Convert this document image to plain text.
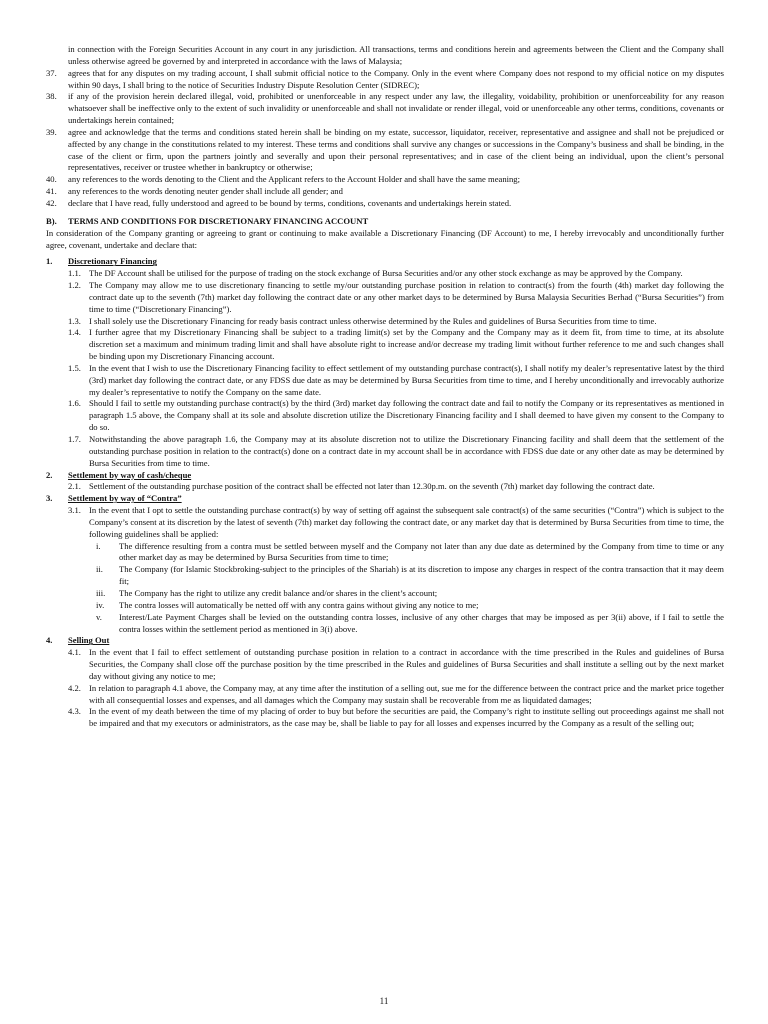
in connection with the Foreign Securities Account in any court in any jurisdiction. All transactions, terms and conditions herein and agreements between the Client and the Company shall unless otherwise agreed be governed by and interpreted in accordance with the laws of Malaysia;
37.	agrees that for any disputes on my trading account, I shall submit official notice to the Company. Only in the event where Company does not respond to my official notice on my disputes within 90 days, I shall bring to the notice of Securities Industry Dispute Resolution Center (SIDREC);
38.	if any of the provision herein declared illegal, void, prohibited or unenforceable in any respect under any law, the illegality, voidability, prohibition or unenforceability for any reason whatsoever shall be ineffective only to the extent of such invalidity or unenforceable and shall not invalidate or render illegal, void or unenforceable any other terms, conditions, covenants or undertakings herein contained;
39.	agree and acknowledge that the terms and conditions stated herein shall be binding on my estate, successor, liquidator, receiver, representative and assignee and shall not be prejudiced or affected by any change in the constitutions related to my interest. These terms and conditions shall survive any changes or successions in the Company’s business and shall be binding, in the case of the client or firm, upon the partners jointly and severally and upon their personal representatives; and in case of the client being an individual, upon the client’s personal representatives, receiver or trustee whether in bankruptcy or otherwise;
40.	any references to the words denoting to the Client and the Applicant refers to the Account Holder and shall have the same meaning;
41.	any references to the words denoting neuter gender shall include all gender; and
42.	declare that I have read, fully understood and agreed to be bound by terms, conditions, covenants and undertakings herein stated.
B). TERMS AND CONDITIONS FOR DISCRETIONARY FINANCING ACCOUNT
In consideration of the Company granting or agreeing to grant or continuing to make available a Discretionary Financing (DF Account) to me, I hereby irrevocably and unconditionally further agree, covenant, undertake and declare that:
1.	Discretionary Financing
1.1. The DF Account shall be utilised for the purpose of trading on the stock exchange of Bursa Securities and/or any other stock exchange as may be approved by the Company.
1.2. The Company may allow me to use discretionary financing to settle my/our outstanding purchase position in relation to contract(s) from the fourth (4th) market day following the contract date up to the seventh (7th) market day following the contract date or any other market days to be determined by Bursa Malaysia Securities Berhad (“Bursa Securities”) from time to time (“Discretionary Financing”).
1.3. I shall solely use the Discretionary Financing for ready basis contract unless otherwise determined by the Rules and guidelines of Bursa Securities from time to time.
1.4. I further agree that my Discretionary Financing shall be subject to a trading limit(s) set by the Company and the Company may as it deem fit, from time to time, at its absolute discretion set a maximum and minimum trading limit and shall have absolute right to increase and/or decrease my trading limit without further reference to me and such changes shall be binding upon my Discretionary Financing account.
1.5. In the event that I wish to use the Discretionary Financing facility to effect settlement of my outstanding purchase contract(s), I shall notify my dealer’s representative latest by the third (3rd) market day following the contract date, or any FDSS due date as may be determined by Bursa Securities from time to time, and I hereby unconditionally and irrevocably authorize my dealer’s representative to notify the Company on the same date.
1.6. Should I fail to settle my outstanding purchase contract(s) by the third (3rd) market day following the contract date and fail to notify the Company or its representatives as mentioned in paragraph 1.5 above, the Company shall at its sole and absolute discretion utilize the Discretionary Financing facility and I shall deemed to have given my consent to the Company to do so.
1.7. Notwithstanding the above paragraph 1.6, the Company may at its absolute discretion not to utilize the Discretionary Financing facility and shall deem that the settlement of the outstanding purchase position in relation to the contract(s) done on a contract date in my account shall be in accordance with FDSS due date or any other date as may be determined by Bursa Securities from time to time.
2.	Settlement by way of cash/cheque
2.1. Settlement of the outstanding purchase position of the contract shall be effected not later than 12.30p.m. on the seventh (7th) market day following the contract date.
3.	Settlement by way of “Contra”
3.1. In the event that I opt to settle the outstanding purchase contract(s) by way of setting off against the subsequent sale contract(s) of the same securities (“Contra”) which is subject to the Company’s consent at its discretion by the latest of seventh (7th) market day following the contract date, or any market day that is determined by Bursa Securities from time to time, the following guidelines shall be applied:
i.	The difference resulting from a contra must be settled between myself and the Company not later than any due date as determined by the Company from time to time or any other market day as may be determined by Bursa Securities from time to time;
ii.	The Company (for Islamic Stockbroking-subject to the principles of the Shariah) is at its discretion to impose any charges in respect of the contra transaction that it may deem fit;
iii.	The Company has the right to utilize any credit balance and/or shares in the client’s account;
iv.	The contra losses will automatically be netted off with any contra gains without giving any notice to me;
v.	Interest/Late Payment Charges shall be levied on the outstanding contra losses, inclusive of any other charges that may be imposed as per 3(ii) above, if I fail to settle the contra losses within the settlement period as mentioned in 3(i) above.
4.	Selling Out
4.1. In the event that I fail to effect settlement of outstanding purchase position in relation to a contract in accordance with the time prescribed in the Rules and guidelines of Bursa Securities, the Company shall close off the purchase position by the time prescribed in the Rules and guidelines of Bursa Securities and shall institute a selling out by the next market day without giving any notice to me;
4.2. In relation to paragraph 4.1 above, the Company may, at any time after the institution of a selling out, sue me for the difference between the contract price and the market price together with all consequential losses and expenses, and all damages which the Company may sustain shall be recoverable from me as liquidated damages;
4.3. In the event of my death between the time of my placing of order to buy but before the securities are paid, the Company’s right to institute selling out proceedings against me shall not be impaired and that my executors or administrators, as the case may be, shall be liable to pay for all losses and expenses incurred by the Company as a result of the selling out;
11
